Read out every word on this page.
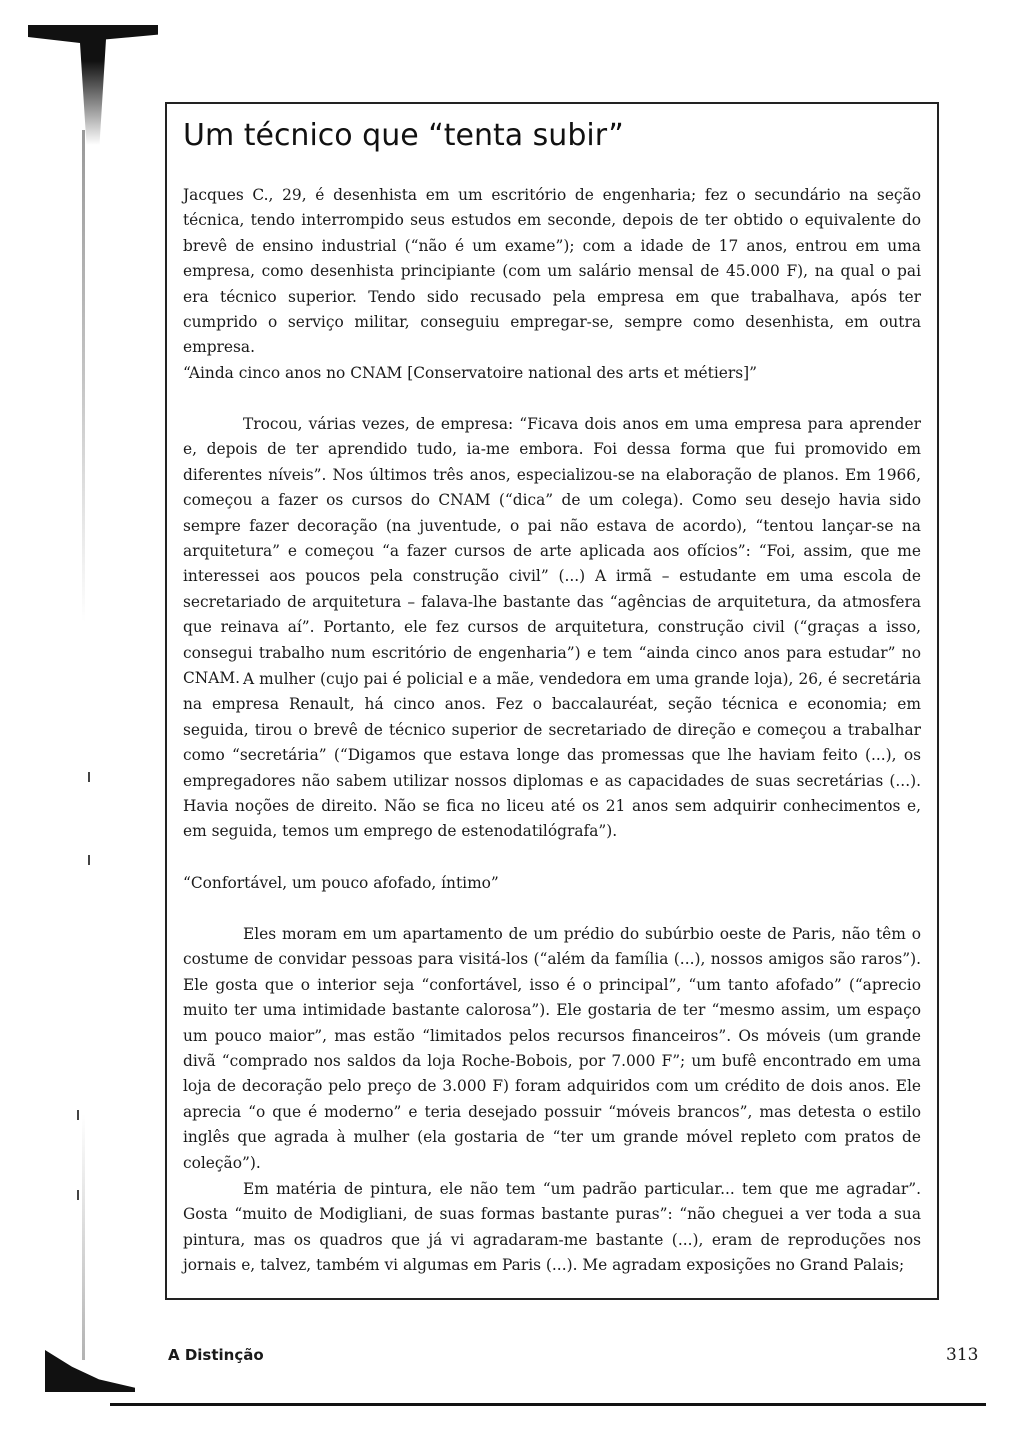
Um técnico que “tenta subir”

Jacques C., 29, é desenhista em um escritório de engenharia; fez o secundário na seção técnica, tendo interrompido seus estudos em seconde, depois de ter obtido o equivalente do brevê de ensino industrial (“não é um exame”); com a idade de 17 anos, entrou em uma empresa, como desenhista principiante (com um salário mensal de 45.000 F), na qual o pai era técnico superior. Tendo sido recusado pela empresa em que trabalhava, após ter cumprido o serviço militar, conseguiu empregar-se, sempre como desenhista, em outra empresa.

“Ainda cinco anos no CNAM [Conservatoire national des arts et métiers]”

Trocou, várias vezes, de empresa: “Ficava dois anos em uma empresa para aprender e, depois de ter aprendido tudo, ia-me embora. Foi dessa forma que fui promovido em diferentes níveis”. Nos últimos três anos, especializou-se na elaboração de planos. Em 1966, começou a fazer os cursos do CNAM (“dica” de um colega). Como seu desejo havia sido sempre fazer decoração (na juventude, o pai não estava de acordo), “tentou lançar-se na arquitetura” e começou “a fazer cursos de arte aplicada aos ofícios”: “Foi, assim, que me interessei aos poucos pela construção civil” (...) A irmã – estudante em uma escola de secretariado de arquitetura – falava-lhe bastante das “agências de arquitetura, da atmosfera que reinava aí”. Portanto, ele fez cursos de arquitetura, construção civil (“graças a isso, consegui trabalho num escritório de engenharia”) e tem “ainda cinco anos para estudar” no CNAM. A mulher (cujo pai é policial e a mãe, vendedora em uma grande loja), 26, é secretária na empresa Renault, há cinco anos. Fez o baccalauréat, seção técnica e economia; em seguida, tirou o brevê de técnico superior de secretariado de direção e começou a trabalhar como “secretária” (“Digamos que estava longe das promessas que lhe haviam feito (...), os empregadores não sabem utilizar nossos diplomas e as capacidades de suas secretárias (...). Havia noções de direito. Não se fica no liceu até os 21 anos sem adquirir conhecimentos e, em seguida, temos um emprego de estenodatilógrafa”).

“Confortável, um pouco afofado, íntimo”

Eles moram em um apartamento de um prédio do subúrbio oeste de Paris, não têm o costume de convidar pessoas para visitá-los (“além da família (...), nossos amigos são raros”). Ele gosta que o interior seja “confortável, isso é o principal”, “um tanto afofado” (“aprecio muito ter uma intimidade bastante calorosa”). Ele gostaria de ter “mesmo assim, um espaço um pouco maior”, mas estão “limitados pelos recursos financeiros”. Os móveis (um grande divã “comprado nos saldos da loja Roche-Bobois, por 7.000 F”; um bufê encontrado em uma loja de decoração pelo preço de 3.000 F) foram adquiridos com um crédito de dois anos. Ele aprecia “o que é moderno” e teria desejado possuir “móveis brancos”, mas detesta o estilo inglês que agrada à mulher (ela gostaria de “ter um grande móvel repleto com pratos de coleção”).

Em matéria de pintura, ele não tem “um padrão particular... tem que me agradar”. Gosta “muito de Modigliani, de suas formas bastante puras”: “não cheguei a ver toda a sua pintura, mas os quadros que já vi agradaram-me bastante (...), eram de reproduções nos jornais e, talvez, também vi algumas em Paris (...). Me agradam exposições no Grand Palais;

A Distinção	313
